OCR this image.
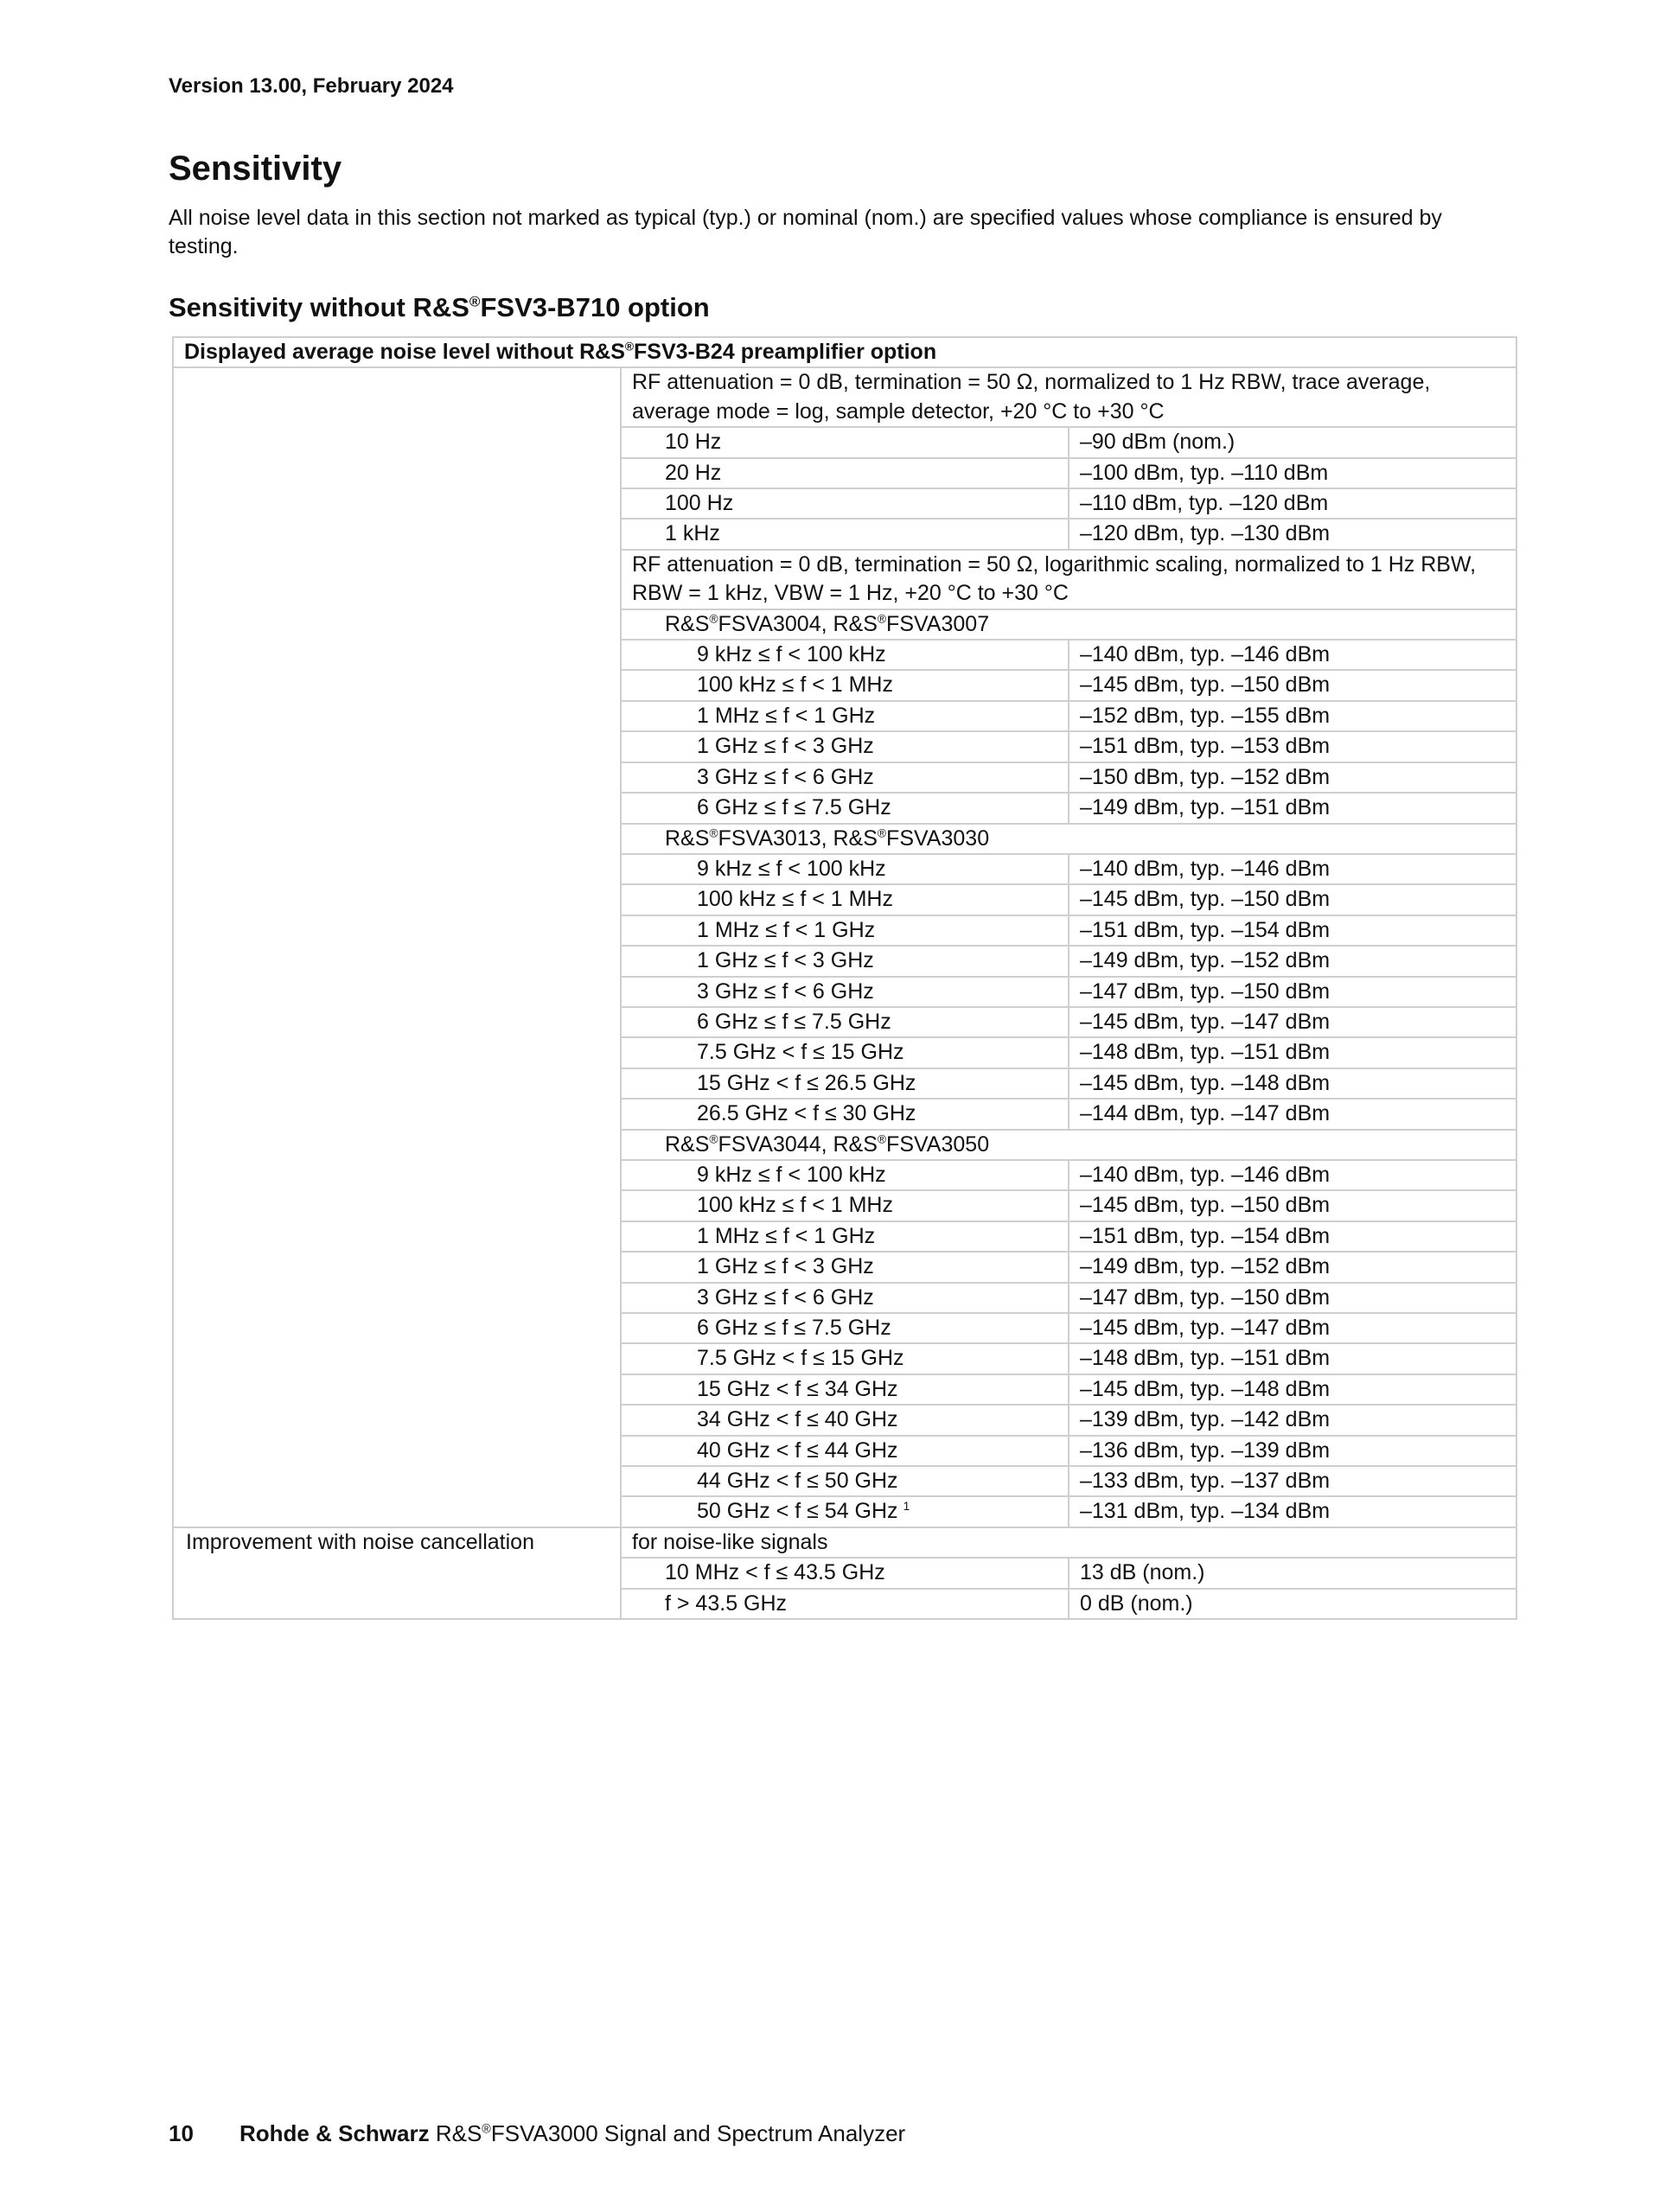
Version 13.00, February 2024
Sensitivity

All noise level data in this section not marked as typical (typ.) or nominal (nom.) are specified values whose compliance is ensured by testing.

Sensitivity without R&S®FSV3-B710 option
Displayed average noise level without R&S®FSV3-B24 preamplifier option		
	RF attenuation = 0 dB, termination = 50 Ω, normalized to 1 Hz RBW, trace average, average mode = log, sample detector, +20 °C to +30 °C	
	10 Hz	–90 dBm (nom.)
	20 Hz	–100 dBm, typ. –110 dBm
	100 Hz	–110 dBm, typ. –120 dBm
	1 kHz	–120 dBm, typ. –130 dBm
	RF attenuation = 0 dB, termination = 50 Ω, logarithmic scaling, normalized to 1 Hz RBW, RBW = 1 kHz, VBW = 1 Hz, +20 °C to +30 °C	
	R&S®FSVA3004, R&S®FSVA3007	
	9 kHz ≤ f < 100 kHz	–140 dBm, typ. –146 dBm
	100 kHz ≤ f < 1 MHz	–145 dBm, typ. –150 dBm
	1 MHz ≤ f < 1 GHz	–152 dBm, typ. –155 dBm
	1 GHz ≤ f < 3 GHz	–151 dBm, typ. –153 dBm
	3 GHz ≤ f < 6 GHz	–150 dBm, typ. –152 dBm
	6 GHz ≤ f ≤ 7.5 GHz	–149 dBm, typ. –151 dBm
	R&S®FSVA3013, R&S®FSVA3030	
	9 kHz ≤ f < 100 kHz	–140 dBm, typ. –146 dBm
	100 kHz ≤ f < 1 MHz	–145 dBm, typ. –150 dBm
	1 MHz ≤ f < 1 GHz	–151 dBm, typ. –154 dBm
	1 GHz ≤ f < 3 GHz	–149 dBm, typ. –152 dBm
	3 GHz ≤ f < 6 GHz	–147 dBm, typ. –150 dBm
	6 GHz ≤ f ≤ 7.5 GHz	–145 dBm, typ. –147 dBm
	7.5 GHz < f ≤ 15 GHz	–148 dBm, typ. –151 dBm
	15 GHz < f ≤ 26.5 GHz	–145 dBm, typ. –148 dBm
	26.5 GHz < f ≤ 30 GHz	–144 dBm, typ. –147 dBm
	R&S®FSVA3044, R&S®FSVA3050	
	9 kHz ≤ f < 100 kHz	–140 dBm, typ. –146 dBm
	100 kHz ≤ f < 1 MHz	–145 dBm, typ. –150 dBm
	1 MHz ≤ f < 1 GHz	–151 dBm, typ. –154 dBm
	1 GHz ≤ f < 3 GHz	–149 dBm, typ. –152 dBm
	3 GHz ≤ f < 6 GHz	–147 dBm, typ. –150 dBm
	6 GHz ≤ f ≤ 7.5 GHz	–145 dBm, typ. –147 dBm
	7.5 GHz < f ≤ 15 GHz	–148 dBm, typ. –151 dBm
	15 GHz < f ≤ 34 GHz	–145 dBm, typ. –148 dBm
	34 GHz < f ≤ 40 GHz	–139 dBm, typ. –142 dBm
	40 GHz < f ≤ 44 GHz	–136 dBm, typ. –139 dBm
	44 GHz < f ≤ 50 GHz	–133 dBm, typ. –137 dBm
	50 GHz < f ≤ 54 GHz $^1$	–131 dBm, typ. –134 dBm
Improvement with noise cancellation	for noise-like signals	
	10 MHz < f ≤ 43.5 GHz	13 dB (nom.)
	f > 43.5 GHz	0 dB (nom.)
10 Rohde & Schwarz R&S®FSVA3000 Signal and Spectrum Analyzer
